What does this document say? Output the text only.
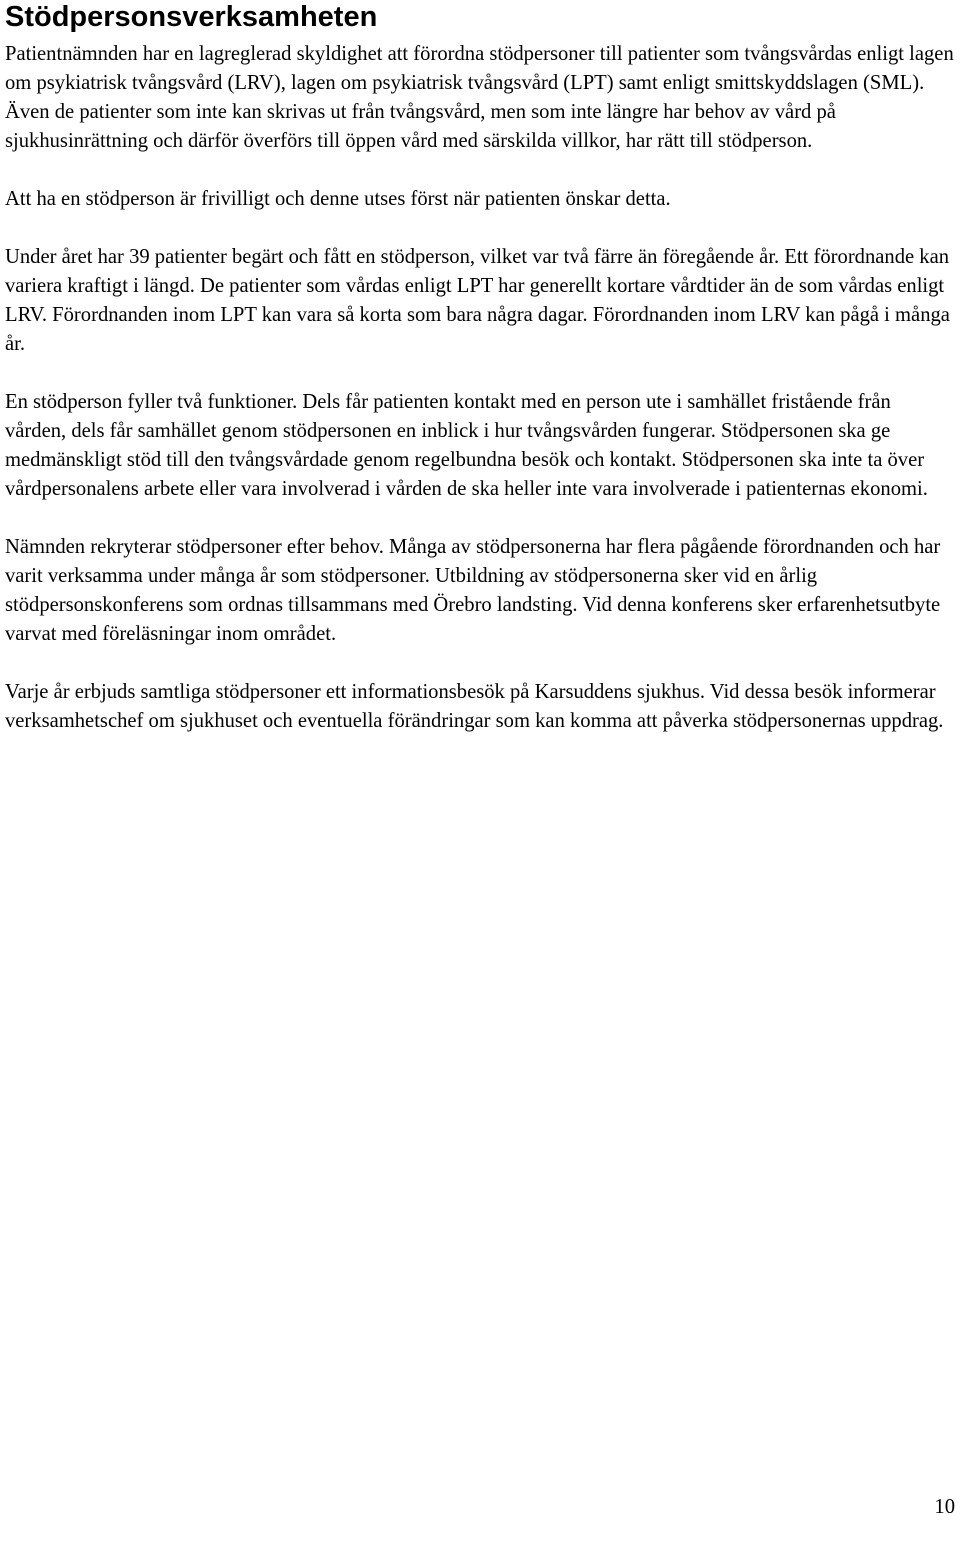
Stödpersonsverksamheten

Patientnämnden har en lagreglerad skyldighet att förordna stödpersoner till patienter som tvångsvårdas enligt lagen om psykiatrisk tvångsvård (LRV), lagen om psykiatrisk tvångsvård (LPT) samt enligt smittskyddslagen (SML). Även de patienter som inte kan skrivas ut från tvångsvård, men som inte längre har behov av vård på sjukhusinrättning och därför överförs till öppen vård med särskilda villkor, har rätt till stödperson.

Att ha en stödperson är frivilligt och denne utses först när patienten önskar detta.

Under året har 39 patienter begärt och fått en stödperson, vilket var två färre än föregående år. Ett förordnande kan variera kraftigt i längd. De patienter som vårdas enligt LPT har generellt kortare vårdtider än de som vårdas enligt LRV. Förordnanden inom LPT kan vara så korta som bara några dagar. Förordnanden inom LRV kan pågå i många år.

En stödperson fyller två funktioner. Dels får patienten kontakt med en person ute i samhället fristående från vården, dels får samhället genom stödpersonen en inblick i hur tvångsvården fungerar. Stödpersonen ska ge medmänskligt stöd till den tvångsvårdade genom regelbundna besök och kontakt. Stödpersonen ska inte ta över vårdpersonalens arbete eller vara involverad i vården de ska heller inte vara involverade i patienternas ekonomi.

Nämnden rekryterar stödpersoner efter behov. Många av stödpersonerna har flera pågående förordnanden och har varit verksamma under många år som stödpersoner. Utbildning av stödpersonerna sker vid en årlig stödpersonskonferens som ordnas tillsammans med Örebro landsting. Vid denna konferens sker erfarenhetsutbyte varvat med föreläsningar inom området.

Varje år erbjuds samtliga stödpersoner ett informationsbesök på Karsuddens sjukhus. Vid dessa besök informerar verksamhetschef om sjukhuset och eventuella förändringar som kan komma att påverka stödpersonernas uppdrag.

10
